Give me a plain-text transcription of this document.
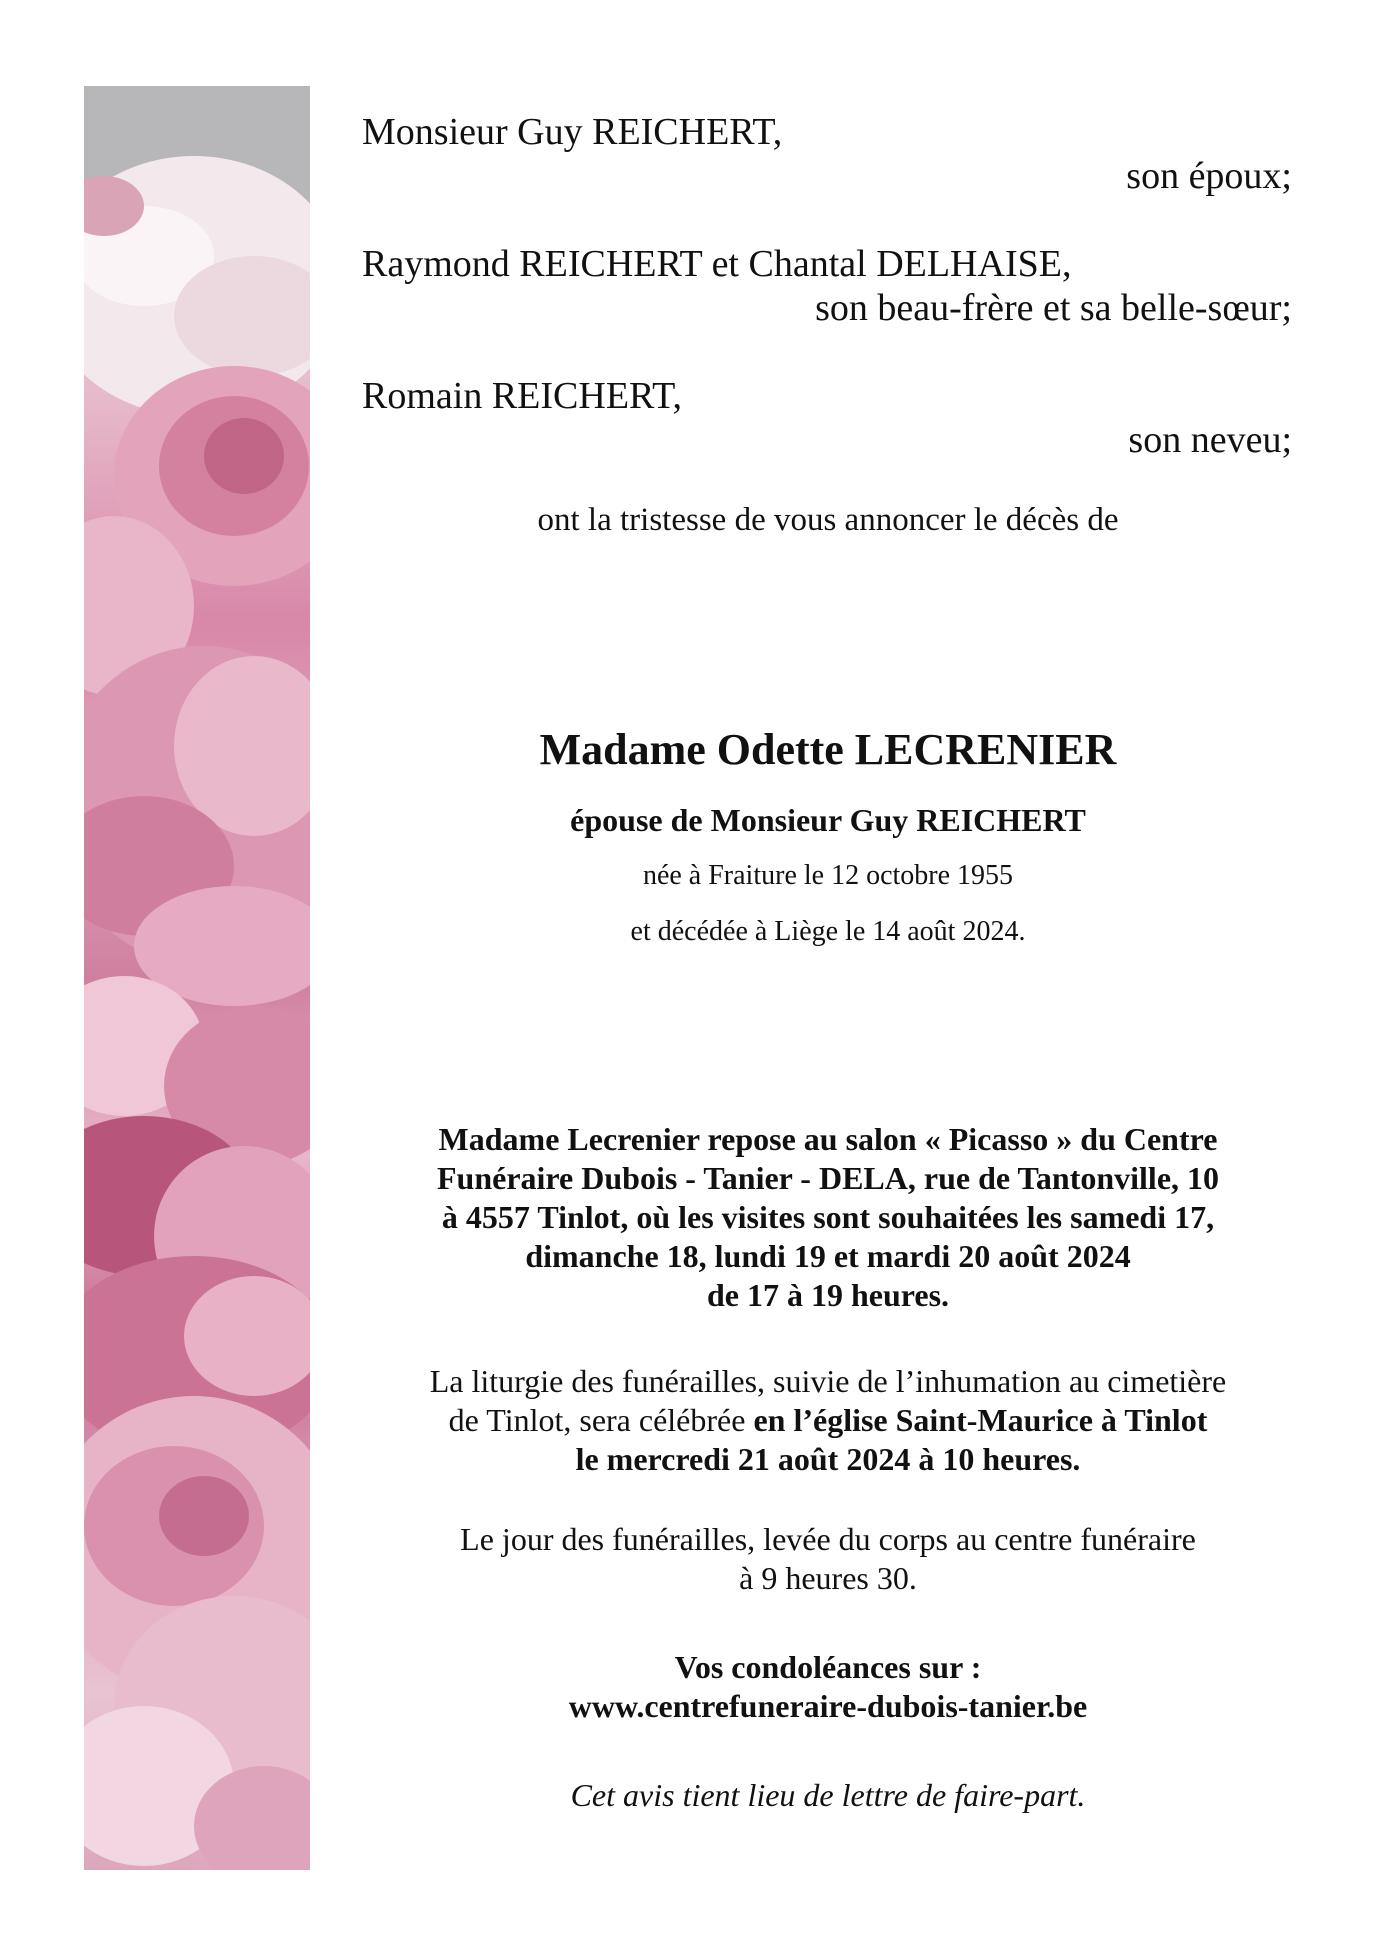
Monsieur Guy REICHERT,
son époux;
Raymond REICHERT et Chantal DELHAISE,
son beau-frère et sa belle-sœur;
Romain REICHERT,
son neveu;
ont la tristesse de vous annoncer le décès de
Madame Odette LECRENIER
épouse de Monsieur Guy REICHERT
née à Fraiture le 12 octobre 1955
et décédée à Liège le 14 août 2024.

Madame Lecrenier repose au salon « Picasso » du Centre

Funéraire Dubois - Tanier - DELA, rue de Tantonville, 10

à 4557 Tinlot, où les visites sont souhaitées les samedi 17,

dimanche 18, lundi 19 et mardi 20 août 2024

de 17 à 19 heures.

La liturgie des funérailles, suivie de l’inhumation au cimetière

de Tinlot, sera célébrée en l’église Saint-Maurice à Tinlot

le mercredi 21 août 2024 à 10 heures.

Le jour des funérailles, levée du corps au centre funéraire

à 9 heures 30.

Vos condoléances sur :

www.centrefuneraire-dubois-tanier.be

Cet avis tient lieu de lettre de faire-part.
